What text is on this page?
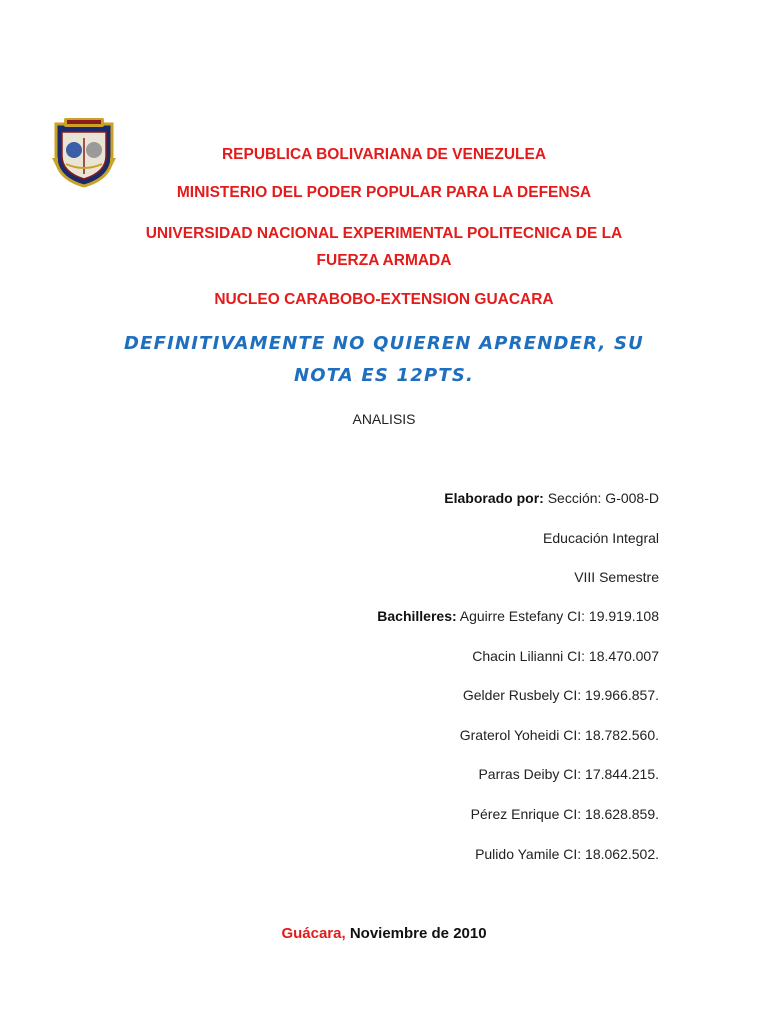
REPUBLICA BOLIVARIANA DE VENEZULEA
MINISTERIO DEL PODER POPULAR PARA LA DEFENSA
UNIVERSIDAD NACIONAL EXPERIMENTAL POLITECNICA DE LA
FUERZA ARMADA
NUCLEO CARABOBO-EXTENSION GUACARA
DEFINITIVAMENTE NO QUIEREN APRENDER, SU
NOTA ES 12PTS.
ANALISIS
Elaborado por: Sección: G-008-D
Educación Integral
VIII Semestre
Bachilleres: Aguirre Estefany CI: 19.919.108
Chacin Lilianni CI: 18.470.007
Gelder Rusbely CI: 19.966.857.
Graterol Yoheidi CI: 18.782.560.
Parras Deiby CI: 17.844.215.
Pérez Enrique CI: 18.628.859.
Pulido Yamile CI: 18.062.502.
Guácara, Noviembre de 2010
